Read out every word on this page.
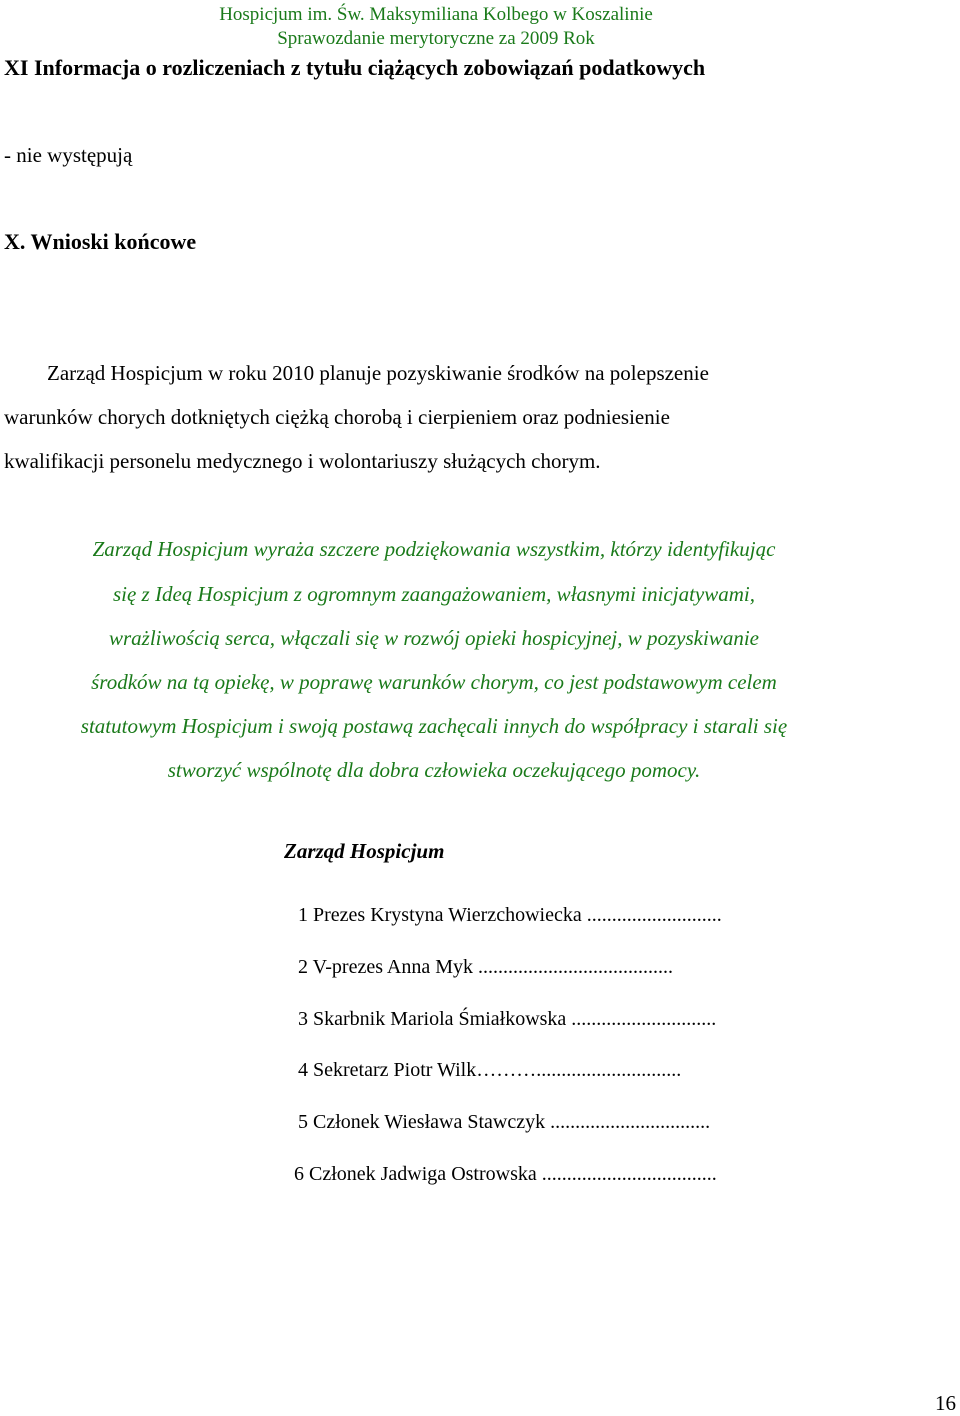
Hospicjum im. Św. Maksymiliana Kolbego w Koszalinie
Sprawozdanie merytoryczne za 2009 Rok
XI Informacja o rozliczeniach z tytułu ciążących zobowiązań podatkowych
- nie występują
X. Wnioski końcowe
Zarząd Hospicjum w roku 2010 planuje pozyskiwanie środków na polepszenie
warunków chorych dotkniętych ciężką chorobą i cierpieniem oraz podniesienie
kwalifikacji personelu medycznego i wolontariuszy służących chorym.
Zarząd Hospicjum wyraża szczere podziękowania wszystkim, którzy identyfikując
się z Ideą Hospicjum z ogromnym zaangażowaniem, własnymi inicjatywami,
wrażliwością serca, włączali się w rozwój opieki hospicyjnej, w pozyskiwanie
środków na tą opiekę, w poprawę warunków chorym, co jest podstawowym celem
statutowym Hospicjum i swoją postawą zachęcali innych do współpracy i starali się
stworzyć wspólnotę dla dobra człowieka oczekującego pomocy.
Zarząd Hospicjum
1 Prezes Krystyna Wierzchowiecka ...........................
2 V-prezes Anna Myk .......................................
3 Skarbnik Mariola Śmiałkowska .............................
4 Sekretarz Piotr Wilk……….............................
5 Członek Wiesława Stawczyk ................................
6 Członek Jadwiga Ostrowska ...................................
16
